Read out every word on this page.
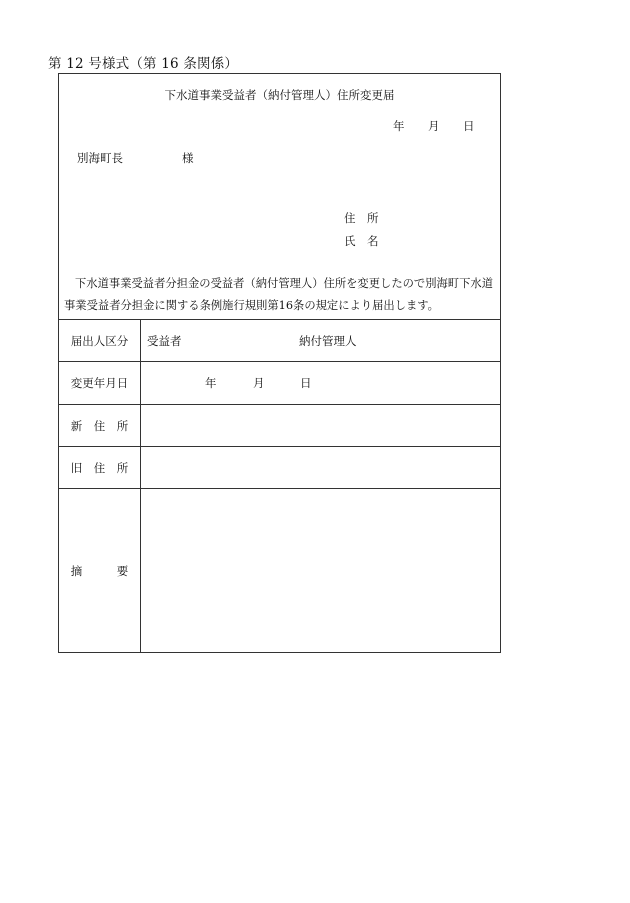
第 12 号様式（第 16 条関係）
下水道事業受益者（納付管理人）住所変更届
年 月 日
別海町長	様
住　所
氏　名
下水道事業受益者分担金の受益者（納付管理人）住所を変更したので別海町下水道事業受益者分担金に関する条例施行規則第16条の規定により届出します。
届出人区分	受益者	納付管理人
変更年月日	年	月	日
新　住　所
旧　住　所
摘　　　要
